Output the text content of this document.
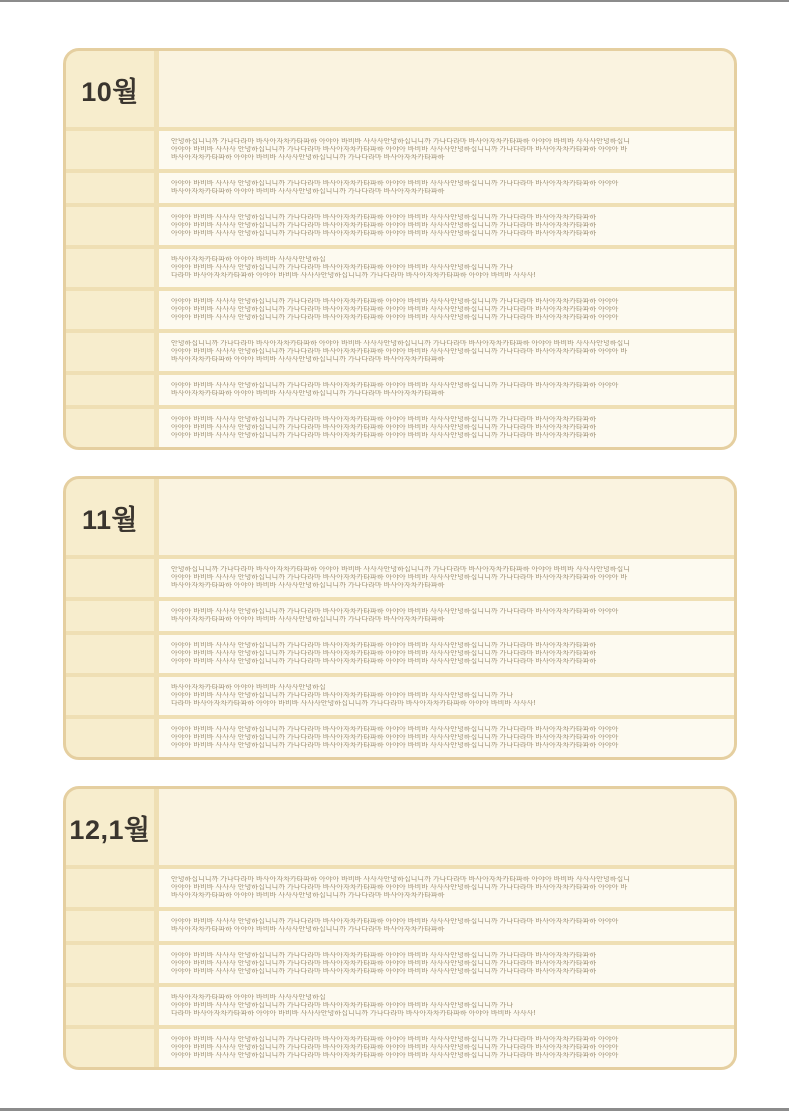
10월
안녕하십니니까 가나다라마 바사아자차카타파하 아야아 바비바 사사사안녕하십니니까 가나다라마 바사아자차카타파하 아야아 바비바 사사사안녕하십니
아야아 바비바 사사사 안녕하십니니까 가나다라마 바사아자차카타파하 아야아 바비바 사사사안녕하십니니까 가나다라마 바사아자차카타파하 아야아 바
바사아자차카타파하 아야아 바비바 사사사안녕하십니니까 가나다라마 바사아자차카타파하
아야아 바비바 사사사 안녕하십니니까 가나다라마 바사아자차카타파하 아야아 바비바 사사사안녕하십니니까 가나다라마 바사아자차카타파하 아야아
바사아자차카타파하 아야아 바비바 사사사안녕하십니니까 가나다라마 바사아자차카타파하
아야아 바비바 사사사 안녕하십니니까 가나다라마 바사아자차카타파하 아야아 바비바 사사사안녕하십니니까 가나다라마 바사아자차카타파하
아야아 바비바 사사사 안녕하십니니까 가나다라마 바사아자차카타파하 아야아 바비바 사사사안녕하십니니까 가나다라마 바사아자차카타파하
아야아 바비바 사사사 안녕하십니니까 가나다라마 바사아자차카타파하 아야아 바비바 사사사안녕하십니니까 가나다라마 바사아자차카타파하
바사아자차카타파하 아야아 바비바 사사사안녕하십
아야아 바비바 사사사 안녕하십니니까 가나다라마 바사아자차카타파하 아야아 바비바 사사사안녕하십니니까 가나
다라마 바사아자차카타파하 아야아 바비바 사사사안녕하십니니까 가나다라마 바사아자차카타파하 아야아 바비바 사사사!
아야아 바비바 사사사 안녕하십니니까 가나다라마 바사아자차카타파하 아야아 바비바 사사사안녕하십니니까 가나다라마 바사아자차카타파하 아야아
아야아 바비바 사사사 안녕하십니니까 가나다라마 바사아자차카타파하 아야아 바비바 사사사안녕하십니니까 가나다라마 바사아자차카타파하 아야아
아야아 바비바 사사사 안녕하십니니까 가나다라마 바사아자차카타파하 아야아 바비바 사사사안녕하십니니까 가나다라마 바사아자차카타파하 아야아
안녕하십니니까 가나다라마 바사아자차카타파하 아야아 바비바 사사사안녕하십니니까 가나다라마 바사아자차카타파하 아야아 바비바 사사사안녕하십니
아야아 바비바 사사사 안녕하십니니까 가나다라마 바사아자차카타파하 아야아 바비바 사사사안녕하십니니까 가나다라마 바사아자차카타파하 아야아 바
바사아자차카타파하 아야아 바비바 사사사안녕하십니니까 가나다라마 바사아자차카타파하
아야아 바비바 사사사 안녕하십니니까 가나다라마 바사아자차카타파하 아야아 바비바 사사사안녕하십니니까 가나다라마 바사아자차카타파하 아야아
바사아자차카타파하 아야아 바비바 사사사안녕하십니니까 가나다라마 바사아자차카타파하
아야아 바비바 사사사 안녕하십니니까 가나다라마 바사아자차카타파하 아야아 바비바 사사사안녕하십니니까 가나다라마 바사아자차카타파하
아야아 바비바 사사사 안녕하십니니까 가나다라마 바사아자차카타파하 아야아 바비바 사사사안녕하십니니까 가나다라마 바사아자차카타파하
아야아 바비바 사사사 안녕하십니니까 가나다라마 바사아자차카타파하 아야아 바비바 사사사안녕하십니니까 가나다라마 바사아자차카타파하
11월
안녕하십니니까 가나다라마 바사아자차카타파하 아야아 바비바 사사사안녕하십니니까 가나다라마 바사아자차카타파하 아야아 바비바 사사사안녕하십니
아야아 바비바 사사사 안녕하십니니까 가나다라마 바사아자차카타파하 아야아 바비바 사사사안녕하십니니까 가나다라마 바사아자차카타파하 아야아 바
바사아자차카타파하 아야아 바비바 사사사안녕하십니니까 가나다라마 바사아자차카타파하
아야아 바비바 사사사 안녕하십니니까 가나다라마 바사아자차카타파하 아야아 바비바 사사사안녕하십니니까 가나다라마 바사아자차카타파하 아야아
바사아자차카타파하 아야아 바비바 사사사안녕하십니니까 가나다라마 바사아자차카타파하
아야아 비비바 사사사 안녕하십니니까 가나다라마 바사아자차카타파하 아야아 바비바 사사사안녕하십니니까 가나다라마 바사아자차카타파하
아야아 바비바 사사사 안녕하십니니까 가나다라마 바사아자차카타파하 아야아 바비바 사사사안녕하십니니까 가나다라마 바사아자차카타파하
아야아 바비바 사사사 안녕하십니니까 가나다라마 바사아자차카타파하 아야아 바비바 사사사안녕하십니니까 가나다라마 바사아자차카타파하
바사아자차카타파하 아야아 바비바 사사사안녕하십
아야아 바비바 사사사 안녕하십니니까 가나다라마 바사아자차카타파하 아야아 바비바 사사사안녕하십니니까 가나
다라마 바사아자차카타파하 아야아 바비바 사사사안녕하십니니까 가나다라마 바사아자차카타파하 아야아 바비바 사사사!
아야아 바비바 사사사 안녕하십니니까 가나다라마 바사아자차카타파하 아야아 바비바 사사사안녕하십니니까 가나다라마 바사아자차카타파하 아야아
아야아 바비바 사사사 안녕하십니니까 가나다라마 바사아자차카타파하 아야아 바비바 사사사안녕하십니니까 가나다라마 바사아자차카타파하 아야아
아야아 바비바 사사사 안녕하십니니까 가나다라마 바사아자차카타파하 아야아 바비바 사사사안녕하십니니까 가나다라마 바사아자차카타파하 아야아
12,1월
안녕하십니니까 가나다라마 바사아자차카타파하 아야아 바비바 사사사안녕하십니니까 가나다라마 바사아자차카타파하 아야아 바비바 사사사안녕하십니
아야아 바비바 사사사 안녕하십니니까 가나다라마 바사아자차카타파하 아야아 바비바 사사사안녕하십니니까 가나다라마 바사아자차카타파하 아야아 바
바사아자차카타파하 아야아 바비바 사사사안녕하십니니까 가나다라마 바사아자차카타파하
아야아 바비바 사사사 안녕하십니니까 가나다라마 바사아자차카타파하 아야아 바비바 사사사안녕하십니니까 가나다라마 바사아자차카타파하 아야아
바사아자차카타파하 아야아 바비바 사사사안녕하십니니까 가나다라마 바사아자차카타파하
아야아 바비바 사사사 안녕하십니니까 가나다라마 바사아자차카타파하 아야아 바비바 사사사안녕하십니니까 가나다라마 바사아자차카타파하
아야아 바비바 사사사 안녕하십니니까 가나다라마 바사아자차카타파하 아야아 바비바 사사사안녕하십니니까 가나다라마 바사아자차카타파하
아야아 바비바 사사사 안녕하십니니까 가나다라마 바사아자차카타파하 아야아 바비바 사사사안녕하십니니까 가나다라마 바사아자차카타파하
바사아자차카타파하 아야아 바비바 사사사안녕하십
아야아 바비바 사사사 안녕하십니니까 가나다라마 바사아자차카타파하 아야아 바비바 사사사안녕하십니니까 가나
다라마 바사아자차카타파하 아야아 바비바 사사사안녕하십니니까 가나다라마 바사아자차카타파하 아야아 바비바 사사사!
아야아 바비바 사사사 안녕하십니니까 가나다라마 바사아자차카타파하 아야아 바비바 사사사안녕하십니니까 가나다라마 바사아자차카타파하 아야아
아야아 바비바 사사사 안녕하십니니까 가나다라마 바사아자차카타파하 아야아 바비바 사사사안녕하십니니까 가나다라마 바사아자차카타파하 아야아
아야아 바비바 사사사 안녕하십니니까 가나다라마 바사아자차카타파하 아야아 바비바 사사사안녕하십니니까 가나다라마 바사아자차카타파하 아야아
